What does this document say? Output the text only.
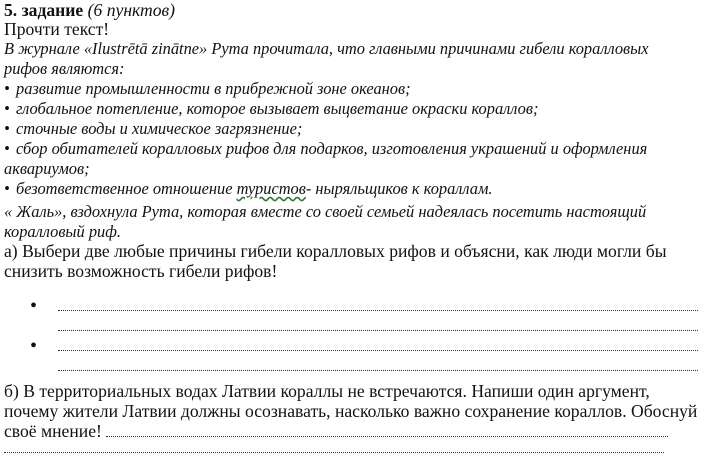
5. задание (6 пунктов)
Прочти текст!
В журнале «Ilustrētā zinātne» Рута прочитала, что главными причинами гибели коралловых
рифов являются:
• развитие промышленности в прибрежной зоне океанов;
• глобальное потепление, которое вызывает выцветание окраски кораллов;
• сточные воды и химическое загрязнение;
• сбор обитателей коралловых рифов для подарков, изготовления украшений и оформления
аквариумов;
• безответственное отношение туристов- ныряльщиков к кораллам.
« Жаль», вздохнула Рута, которая вместе со своей семьей надеялась посетить настоящий
коралловый риф.
а) Выбери две любые причины гибели коралловых рифов и объясни, как люди могли бы
снизить возможность гибели рифов!
•
•
б) В территориальных водах Латвии кораллы не встречаются. Напиши один аргумент,
почему жители Латвии должны осознавать, насколько важно сохранение кораллов. Обоснуй
своё мнение!
